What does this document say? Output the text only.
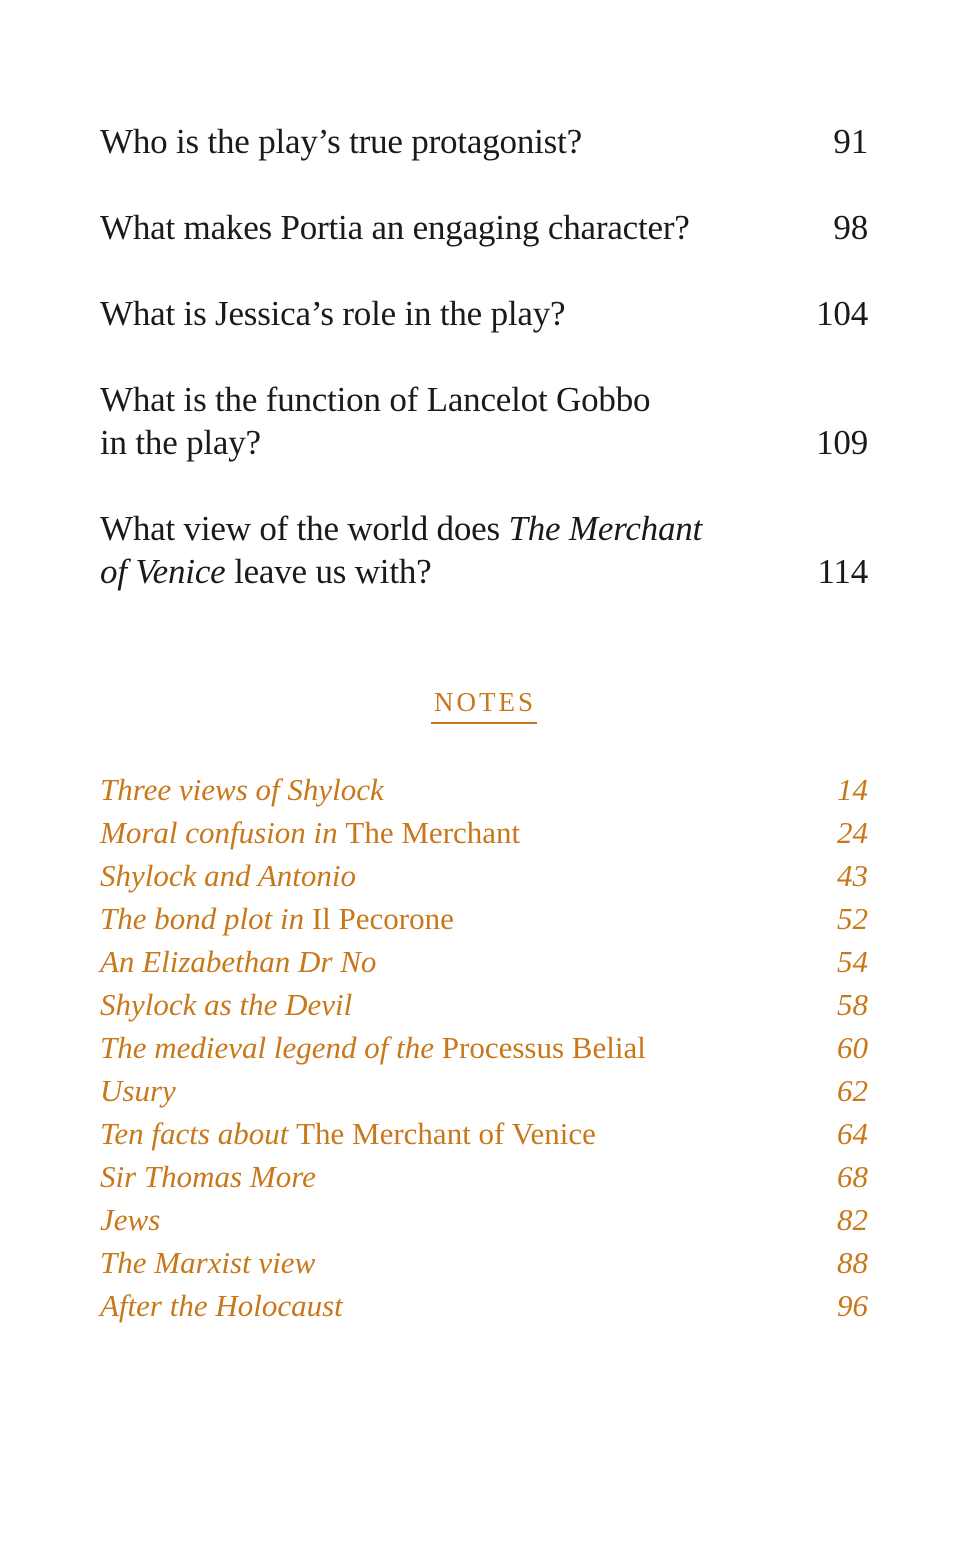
Who is the play’s true protagonist?	91
What makes Portia an engaging character?	98
What is Jessica’s role in the play?	104
What is the function of Lancelot Gobbo
in the play?	109
What view of the world does The Merchant
of Venice leave us with?	114
NOTES
Three views of Shylock	14
Moral confusion in The Merchant	24
Shylock and Antonio	43
The bond plot in Il Pecorone	52
An Elizabethan Dr No	54
Shylock as the Devil	58
The medieval legend of the Processus Belial	60
Usury	62
Ten facts about The Merchant of Venice	64
Sir Thomas More	68
Jews	82
The Marxist view	88
After the Holocaust	96
